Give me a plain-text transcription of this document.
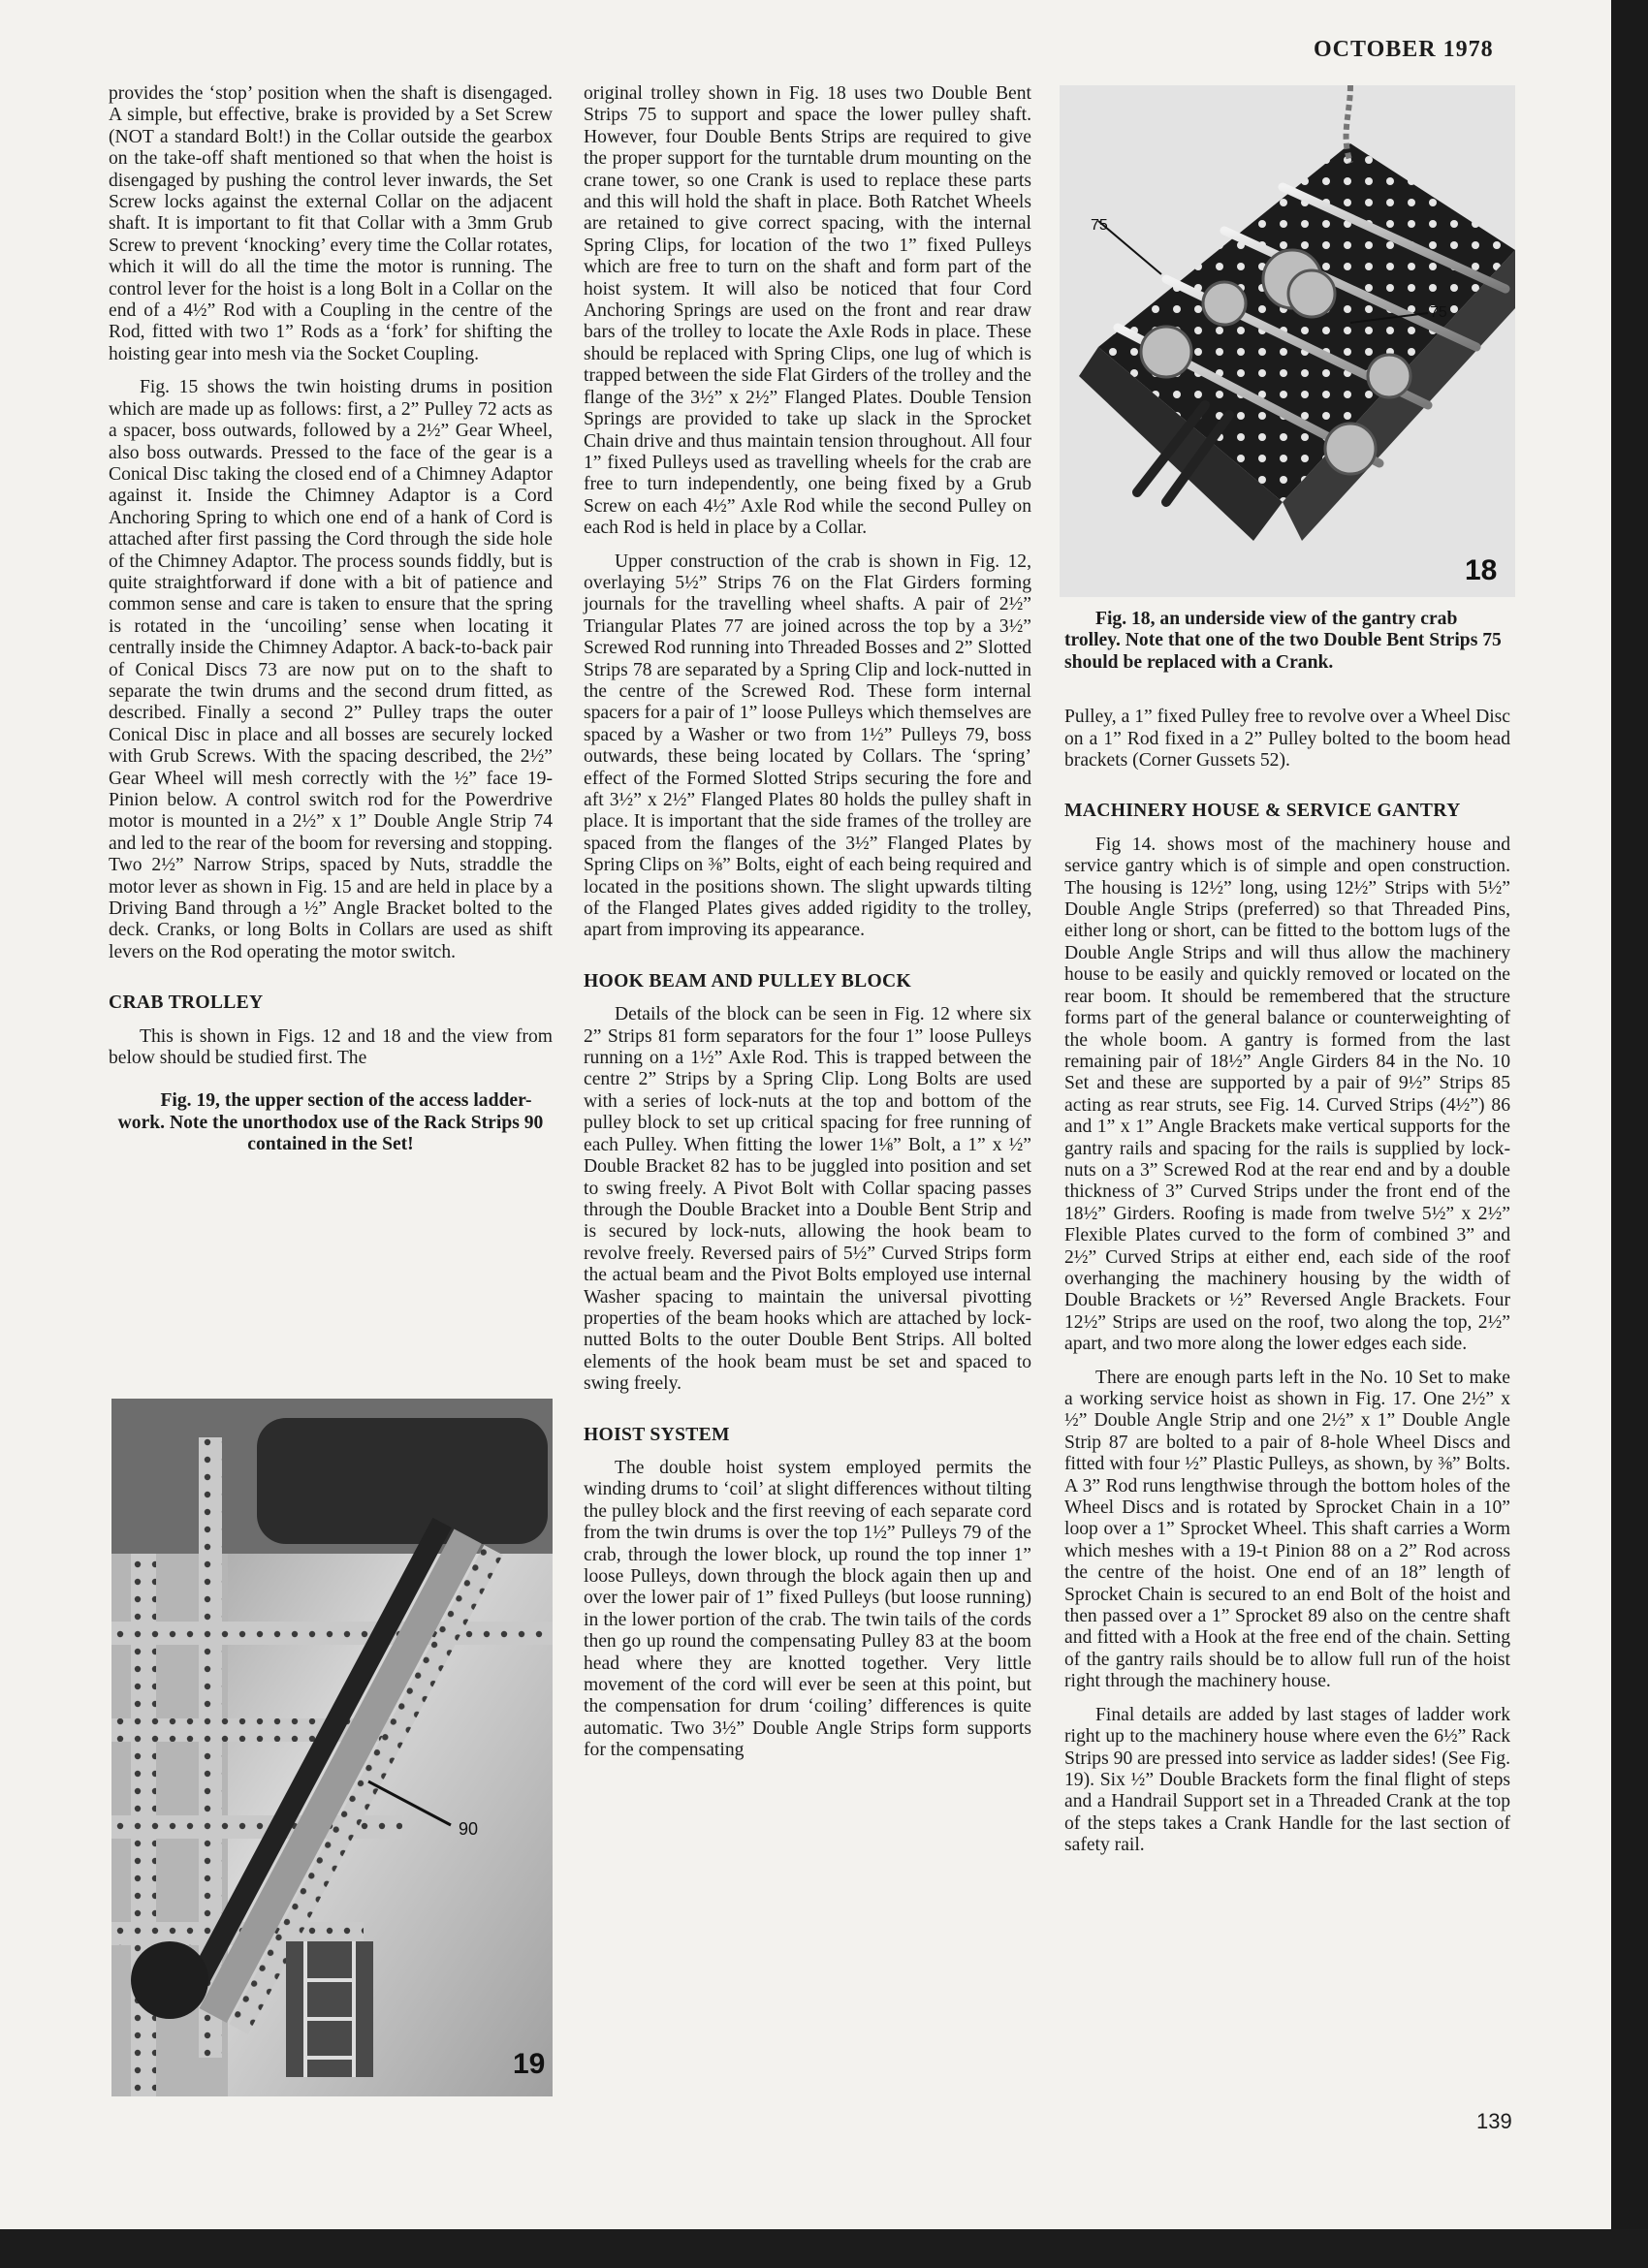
OCTOBER 1978

provides the ‘stop’ position when the shaft is disengaged. A simple, but effective, brake is provided by a Set Screw (NOT a standard Bolt!) in the Collar outside the gearbox on the take-off shaft mentioned so that when the hoist is disengaged by pushing the control lever inwards, the Set Screw locks against the external Collar on the adjacent shaft. It is important to fit that Collar with a 3mm Grub Screw to prevent ‘knocking’ every time the Collar rotates, which it will do all the time the motor is running. The control lever for the hoist is a long Bolt in a Collar on the end of a 4½” Rod with a Coupling in the centre of the Rod, fitted with two 1” Rods as a ‘fork’ for shifting the hoisting gear into mesh via the Socket Coupling.

Fig. 15 shows the twin hoisting drums in position which are made up as follows: first, a 2” Pulley 72 acts as a spacer, boss outwards, followed by a 2½” Gear Wheel, also boss outwards. Pressed to the face of the gear is a Conical Disc taking the closed end of a Chimney Adaptor against it. Inside the Chimney Adaptor is a Cord Anchoring Spring to which one end of a hank of Cord is attached after first passing the Cord through the side hole of the Chimney Adaptor. The process sounds fiddly, but is quite straightforward if done with a bit of patience and common sense and care is taken to ensure that the spring is rotated in the ‘uncoiling’ sense when locating it centrally inside the Chimney Adaptor. A back-to-back pair of Conical Discs 73 are now put on to the shaft to separate the twin drums and the second drum fitted, as described. Finally a second 2” Pulley traps the outer Conical Disc in place and all bosses are securely locked with Grub Screws. With the spacing described, the 2½” Gear Wheel will mesh correctly with the ½” face 19-Pinion below. A control switch rod for the Powerdrive motor is mounted in a 2½” x 1” Double Angle Strip 74 and led to the rear of the boom for reversing and stopping. Two 2½” Narrow Strips, spaced by Nuts, straddle the motor lever as shown in Fig. 15 and are held in place by a Driving Band through a ½” Angle Bracket bolted to the deck. Cranks, or long Bolts in Collars are used as shift levers on the Rod operating the motor switch.

CRAB TROLLEY

This is shown in Figs. 12 and 18 and the view from below should be studied first. The

Fig. 19, the upper section of the access ladder-work. Note the unorthodox use of the Rack Strips 90 contained in the Set!

90
19

original trolley shown in Fig. 18 uses two Double Bent Strips 75 to support and space the lower pulley shaft. However, four Double Bents Strips are required to give the proper support for the turntable drum mounting on the crane tower, so one Crank is used to replace these parts and this will hold the shaft in place. Both Ratchet Wheels are retained to give correct spacing, with the internal Spring Clips, for location of the two 1” fixed Pulleys which are free to turn on the shaft and form part of the hoist system. It will also be noticed that four Cord Anchoring Springs are used on the front and rear draw bars of the trolley to locate the Axle Rods in place. These should be replaced with Spring Clips, one lug of which is trapped between the side Flat Girders of the trolley and the flange of the 3½” x 2½” Flanged Plates. Double Tension Springs are provided to take up slack in the Sprocket Chain drive and thus maintain tension throughout. All four 1” fixed Pulleys used as travelling wheels for the crab are free to turn independently, one being fixed by a Grub Screw on each 4½” Axle Rod while the second Pulley on each Rod is held in place by a Collar.

Upper construction of the crab is shown in Fig. 12, overlaying 5½” Strips 76 on the Flat Girders forming journals for the travelling wheel shafts. A pair of 2½” Triangular Plates 77 are joined across the top by a 3½” Screwed Rod running into Threaded Bosses and 2” Slotted Strips 78 are separated by a Spring Clip and lock-nutted in the centre of the Screwed Rod. These form internal spacers for a pair of 1” loose Pulleys which themselves are spaced by a Washer or two from 1½” Pulleys 79, boss outwards, these being located by Collars. The ‘spring’ effect of the Formed Slotted Strips securing the fore and aft 3½” x 2½” Flanged Plates 80 holds the pulley shaft in place. It is important that the side frames of the trolley are spaced from the flanges of the 3½” Flanged Plates by Spring Clips on ⅜” Bolts, eight of each being required and located in the positions shown. The slight upwards tilting of the Flanged Plates gives added rigidity to the trolley, apart from improving its appearance.

HOOK BEAM AND PULLEY BLOCK

Details of the block can be seen in Fig. 12 where six 2” Strips 81 form separators for the four 1” loose Pulleys running on a 1½” Axle Rod. This is trapped between the centre 2” Strips by a Spring Clip. Long Bolts are used with a series of lock-nuts at the top and bottom of the pulley block to set up critical spacing for free running of each Pulley. When fitting the lower 1⅛” Bolt, a 1” x ½” Double Bracket 82 has to be juggled into position and set to swing freely. A Pivot Bolt with Collar spacing passes through the Double Bracket into a Double Bent Strip and is secured by lock-nuts, allowing the hook beam to revolve freely. Reversed pairs of 5½” Curved Strips form the actual beam and the Pivot Bolts employed use internal Washer spacing to maintain the universal pivotting properties of the beam hooks which are attached by lock-nutted Bolts to the outer Double Bent Strips. All bolted elements of the hook beam must be set and spaced to swing freely.

HOIST SYSTEM

The double hoist system employed permits the winding drums to ‘coil’ at slight differences without tilting the pulley block and the first reeving of each separate cord from the twin drums is over the top 1½” Pulleys 79 of the crab, through the lower block, up round the top inner 1” loose Pulleys, down through the block again then up and over the lower pair of 1” fixed Pulleys (but loose running) in the lower portion of the crab. The twin tails of the cords then go up round the compensating Pulley 83 at the boom head where they are knotted together. Very little movement of the cord will ever be seen at this point, but the compensation for drum ‘coiling’ differences is quite automatic. Two 3½” Double Angle Strips form supports for the compensating

75
75
18

Fig. 18, an underside view of the gantry crab trolley. Note that one of the two Double Bent Strips 75 should be replaced with a Crank.

Pulley, a 1” fixed Pulley free to revolve over a Wheel Disc on a 1” Rod fixed in a 2” Pulley bolted to the boom head brackets (Corner Gussets 52).

MACHINERY HOUSE & SERVICE GANTRY

Fig 14. shows most of the machinery house and service gantry which is of simple and open construction. The housing is 12½” long, using 12½” Strips with 5½” Double Angle Strips (preferred) so that Threaded Pins, either long or short, can be fitted to the bottom lugs of the Double Angle Strips and will thus allow the machinery house to be easily and quickly removed or located on the rear boom. It should be remembered that the structure forms part of the general balance or counterweighting of the whole boom. A gantry is formed from the last remaining pair of 18½” Angle Girders 84 in the No. 10 Set and these are supported by a pair of 9½” Strips 85 acting as rear struts, see Fig. 14. Curved Strips (4½”) 86 and 1” x 1” Angle Brackets make vertical supports for the gantry rails and spacing for the rails is supplied by lock-nuts on a 3” Screwed Rod at the rear end and by a double thickness of 3” Curved Strips under the front end of the 18½” Girders. Roofing is made from twelve 5½” x 2½” Flexible Plates curved to the form of combined 3” and 2½” Curved Strips at either end, each side of the roof overhanging the machinery housing by the width of Double Brackets or ½” Reversed Angle Brackets. Four 12½” Strips are used on the roof, two along the top, 2½” apart, and two more along the lower edges each side.

There are enough parts left in the No. 10 Set to make a working service hoist as shown in Fig. 17. One 2½” x ½” Double Angle Strip and one 2½” x 1” Double Angle Strip 87 are bolted to a pair of 8-hole Wheel Discs and fitted with four ½” Plastic Pulleys, as shown, by ⅜” Bolts. A 3” Rod runs lengthwise through the bottom holes of the Wheel Discs and is rotated by Sprocket Chain in a 10” loop over a 1” Sprocket Wheel. This shaft carries a Worm which meshes with a 19-t Pinion 88 on a 2” Rod across the centre of the hoist. One end of an 18” length of Sprocket Chain is secured to an end Bolt of the hoist and then passed over a 1” Sprocket 89 also on the centre shaft and fitted with a Hook at the free end of the chain. Setting of the gantry rails should be to allow full run of the hoist right through the machinery house.

Final details are added by last stages of ladder work right up to the machinery house where even the 6½” Rack Strips 90 are pressed into service as ladder sides! (See Fig. 19). Six ½” Double Brackets form the final flight of steps and a Handrail Support set in a Threaded Crank at the top of the steps takes a Crank Handle for the last section of safety rail.

139
